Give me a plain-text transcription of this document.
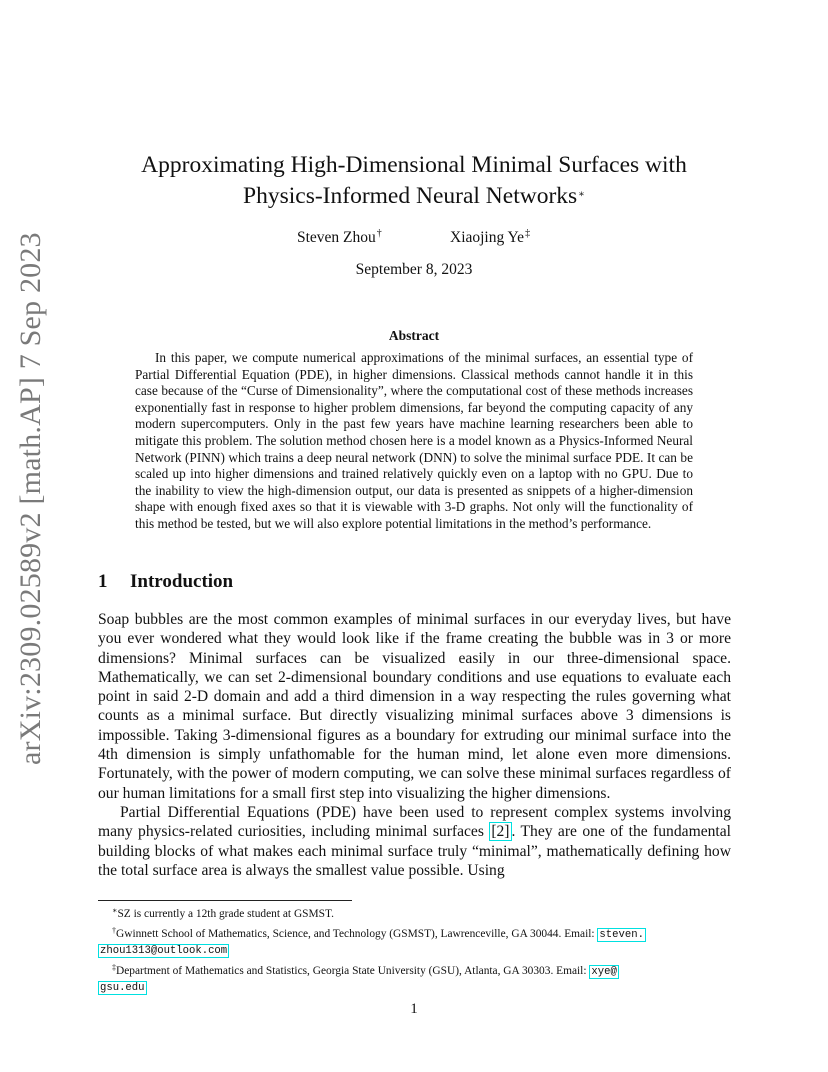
arXiv:2309.02589v2 [math.AP] 7 Sep 2023
Approximating High-Dimensional Minimal Surfaces with
Physics-Informed Neural Networks∗
Steven Zhou†	Xiaojing Ye‡
September 8, 2023
Abstract
In this paper, we compute numerical approximations of the minimal surfaces, an essential type of Partial Differential Equation (PDE), in higher dimensions. Classical methods cannot handle it in this case because of the “Curse of Dimensionality”, where the computational cost of these methods increases exponentially fast in response to higher problem dimensions, far beyond the computing capacity of any modern supercomputers. Only in the past few years have machine learning researchers been able to mitigate this problem. The solution method chosen here is a model known as a Physics-Informed Neural Network (PINN) which trains a deep neural network (DNN) to solve the minimal surface PDE. It can be scaled up into higher dimensions and trained relatively quickly even on a laptop with no GPU. Due to the inability to view the high-dimension output, our data is presented as snippets of a higher-dimension shape with enough fixed axes so that it is viewable with 3-D graphs. Not only will the functionality of this method be tested, but we will also explore potential limitations in the method’s performance.
1 Introduction

Soap bubbles are the most common examples of minimal surfaces in our everyday lives, but have you ever wondered what they would look like if the frame creating the bubble was in 3 or more dimensions? Minimal surfaces can be visualized easily in our three-dimensional space. Mathematically, we can set 2-dimensional boundary conditions and use equations to evaluate each point in said 2-D domain and add a third dimension in a way respecting the rules governing what counts as a minimal surface. But directly visualizing minimal surfaces above 3 dimensions is impossible. Taking 3-dimensional figures as a boundary for extruding our minimal surface into the 4th dimension is simply unfathomable for the human mind, let alone even more dimensions. Fortunately, with the power of modern computing, we can solve these minimal surfaces regardless of our human limitations for a small first step into visualizing the higher dimensions.

Partial Differential Equations (PDE) have been used to represent complex systems involving many physics-related curiosities, including minimal surfaces [2] . They are one of the fundamental building blocks of what makes each minimal surface truly “minimal”, mathematically defining how the total surface area is always the smallest value possible. Using

∗SZ is currently a 12th grade student at GSMST.

†Gwinnett School of Mathematics, Science, and Technology (GSMST), Lawrenceville, GA 30044. Email: steven.
zhou1313@outlook.com

‡Department of Mathematics and Statistics, Georgia State University (GSU), Atlanta, GA 30303. Email: xye@
gsu.edu

1
